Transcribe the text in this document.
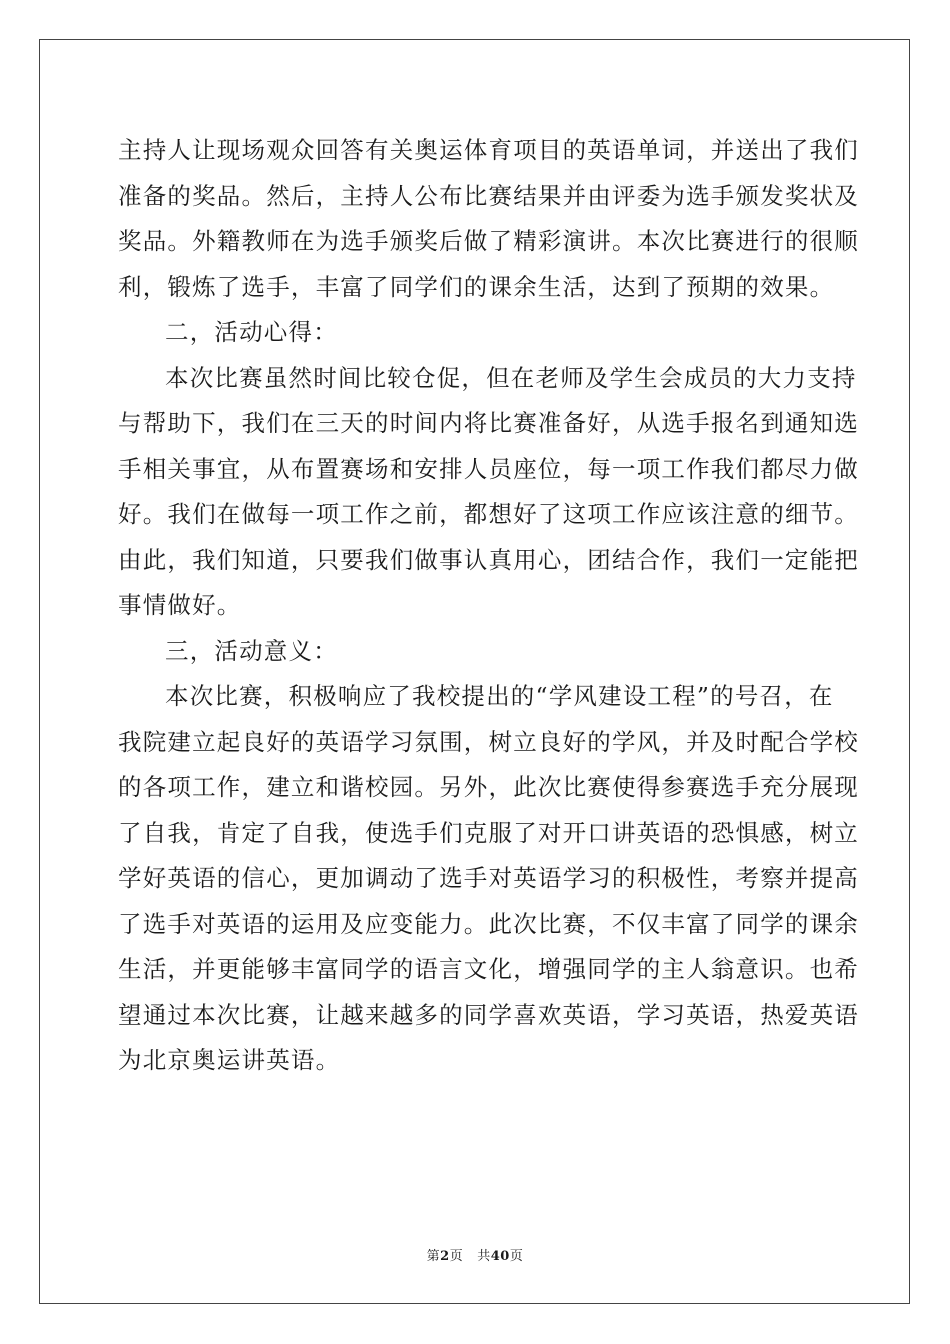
主持人让现场观众回答有关奥运体育项目的英语单词，并送出了我们
准备的奖品。然后，主持人公布比赛结果并由评委为选手颁发奖状及
奖品。外籍教师在为选手颁奖后做了精彩演讲。本次比赛进行的很顺
利，锻炼了选手，丰富了同学们的课余生活，达到了预期的效果。
二，活动心得：
本次比赛虽然时间比较仓促，但在老师及学生会成员的大力支持
与帮助下，我们在三天的时间内将比赛准备好，从选手报名到通知选
手相关事宜，从布置赛场和安排人员座位，每一项工作我们都尽力做
好。我们在做每一项工作之前，都想好了这项工作应该注意的细节。
由此，我们知道，只要我们做事认真用心，团结合作，我们一定能把
事情做好。
三，活动意义：
本次比赛，积极响应了我校提出的“学风建设工程”的号召，在
我院建立起良好的英语学习氛围，树立良好的学风，并及时配合学校
的各项工作，建立和谐校园。另外，此次比赛使得参赛选手充分展现
了自我，肯定了自我，使选手们克服了对开口讲英语的恐惧感，树立
学好英语的信心，更加调动了选手对英语学习的积极性，考察并提高
了选手对英语的运用及应变能力。此次比赛，不仅丰富了同学的课余
生活，并更能够丰富同学的语言文化，增强同学的主人翁意识。也希
望通过本次比赛，让越来越多的同学喜欢英语，学习英语，热爱英语
为北京奥运讲英语。
第2页 共40页
